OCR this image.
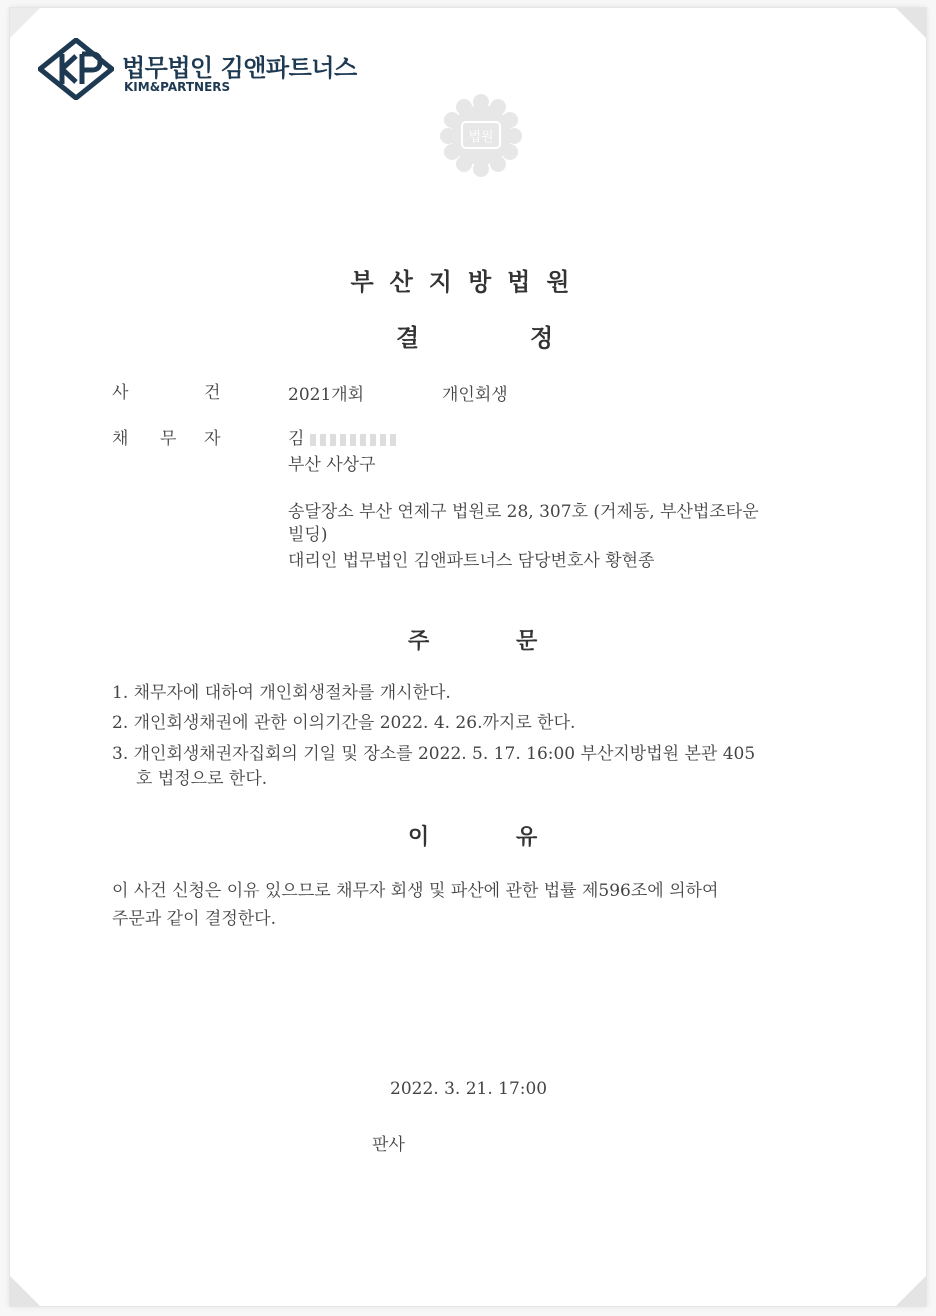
법무법인 김앤파트너스
KIM&PARTNERS
법원
부산지방법원
결	정
사	건	2021개회	개인회생
채 무 자	김
부산 사상구
송달장소 부산 연제구 법원로 28, 307호 (거제동, 부산법조타운
빌딩)
대리인 법무법인 김앤파트너스 담당변호사 황현종
주	문
1. 채무자에 대하여 개인회생절차를 개시한다.
2. 개인회생채권에 관한 이의기간을 2022. 4. 26.까지로 한다.
3. 개인회생채권자집회의 기일 및 장소를 2022. 5. 17. 16:00 부산지방법원 본관 405
호 법정으로 한다.
이	유
이 사건 신청은 이유 있으므로 채무자 회생 및 파산에 관한 법률 제596조에 의하여
주문과 같이 결정한다.
2022. 3. 21. 17:00
판사
